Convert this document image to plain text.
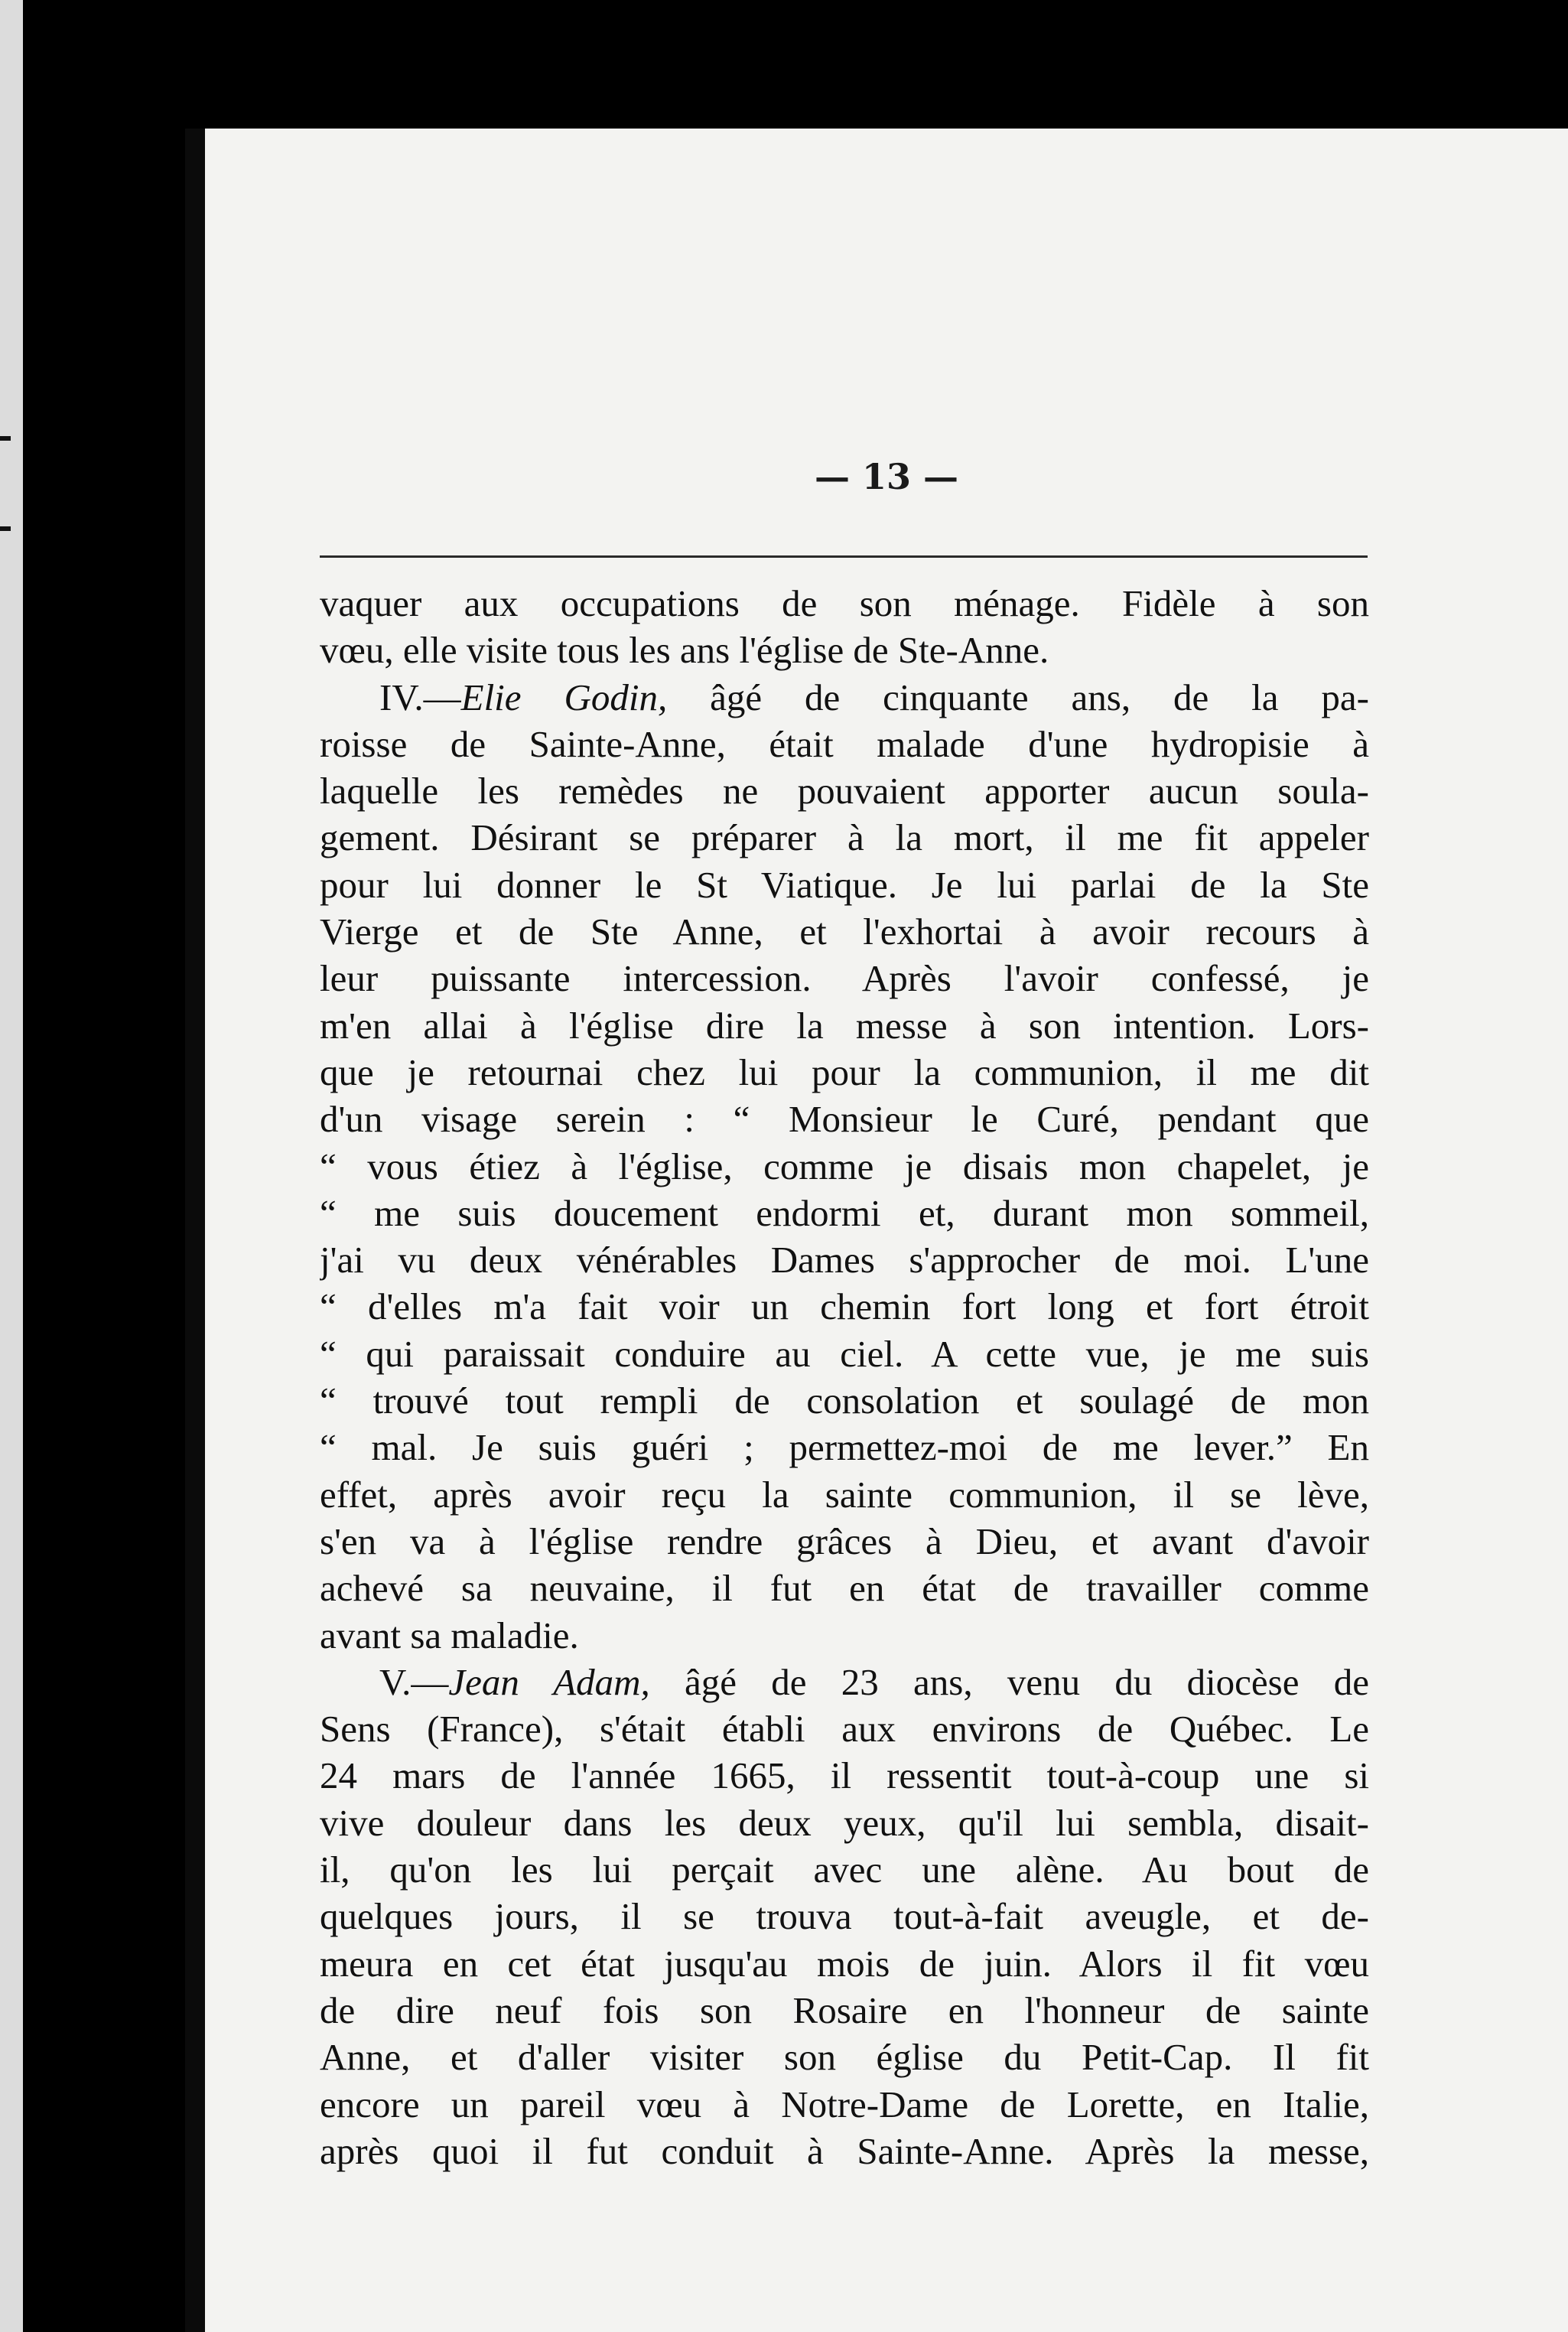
— 13 —
vaquer aux occupations de son ménage. Fidèle à son
vœu, elle visite tous les ans l'église de Ste-Anne.
IV.—Elie Godin, âgé de cinquante ans, de la pa-
roisse de Sainte-Anne, était malade d'une hydropisie à
laquelle les remèdes ne pouvaient apporter aucun soula-
gement. Désirant se préparer à la mort, il me fit appeler
pour lui donner le St Viatique. Je lui parlai de la Ste
Vierge et de Ste Anne, et l'exhortai à avoir recours à
leur puissante intercession. Après l'avoir confessé, je
m'en allai à l'église dire la messe à son intention. Lors-
que je retournai chez lui pour la communion, il me dit
d'un visage serein : “ Monsieur le Curé, pendant que
“ vous étiez à l'église, comme je disais mon chapelet, je
“ me suis doucement endormi et, durant mon sommeil,
j'ai vu deux vénérables Dames s'approcher de moi. L'une
“ d'elles m'a fait voir un chemin fort long et fort étroit
“ qui paraissait conduire au ciel. A cette vue, je me suis
“ trouvé tout rempli de consolation et soulagé de mon
“ mal. Je suis guéri ; permettez-moi de me lever.” En
effet, après avoir reçu la sainte communion, il se lève,
s'en va à l'église rendre grâces à Dieu, et avant d'avoir
achevé sa neuvaine, il fut en état de travailler comme
avant sa maladie.
V.—Jean Adam, âgé de 23 ans, venu du diocèse de
Sens (France), s'était établi aux environs de Québec. Le
24 mars de l'année 1665, il ressentit tout-à-coup une si
vive douleur dans les deux yeux, qu'il lui sembla, disait-
il, qu'on les lui perçait avec une alène. Au bout de
quelques jours, il se trouva tout-à-fait aveugle, et de-
meura en cet état jusqu'au mois de juin. Alors il fit vœu
de dire neuf fois son Rosaire en l'honneur de sainte
Anne, et d'aller visiter son église du Petit-Cap. Il fit
encore un pareil vœu à Notre-Dame de Lorette, en Italie,
après quoi il fut conduit à Sainte-Anne. Après la messe,
